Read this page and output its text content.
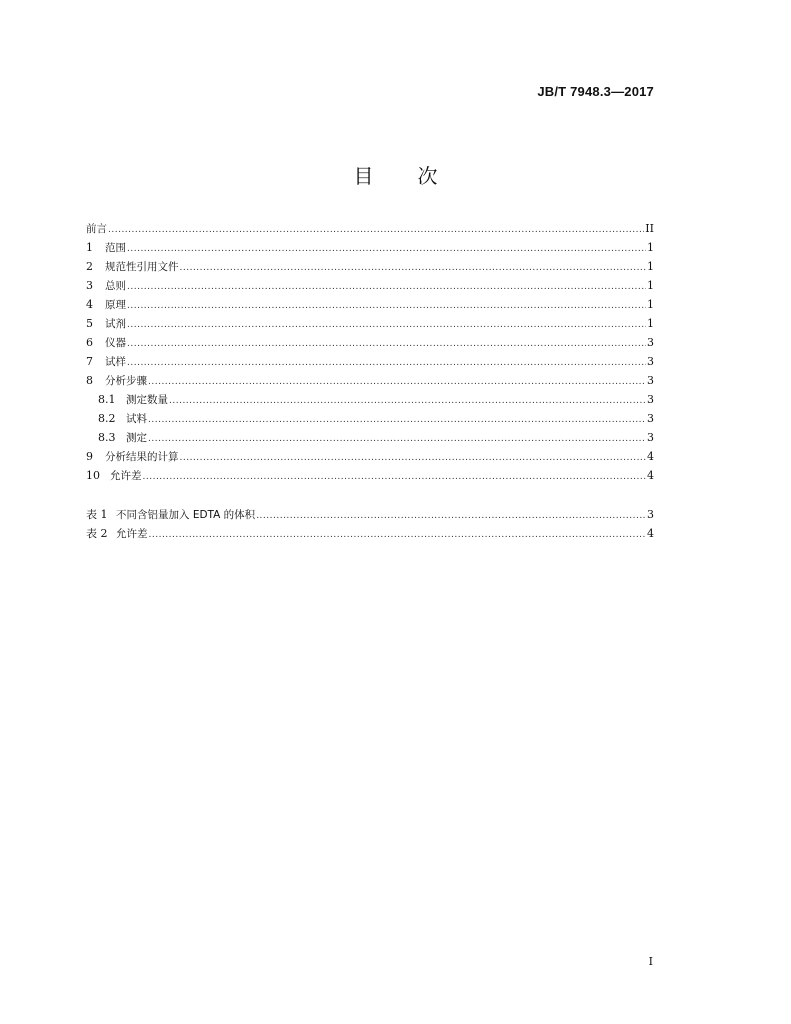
JB/T 7948.3—2017
目 次
前言 .....	II
1	范围 .....	1
2	规范性引用文件 .....	1
3	总则 .....	1
4	原理 .....	1
5	试剂 .....	1
6	仪器 .....	3
7	试样 .....	3
8	分析步骤 .....	3
8.1	测定数量 .....	3
8.2	试料 .....	3
8.3	测定 .....	3
9	分析结果的计算 .....	4
10 允许差 .....	4
表 1 不同含铝量加入 EDTA 的体积 .....	3
表 2 允许差 .....	4
I
